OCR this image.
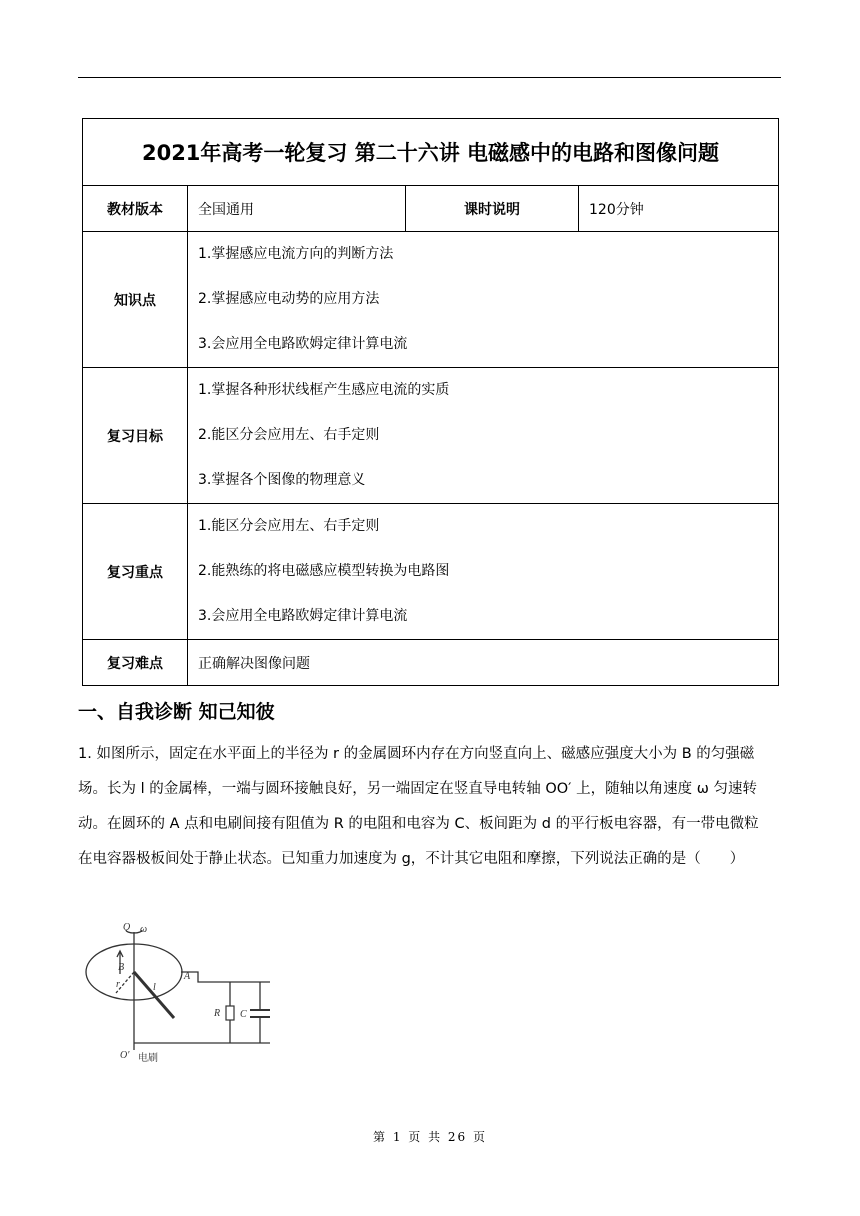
2021年高考一轮复习 第二十六讲 电磁感中的电路和图像问题			
教材版本	全国通用	课时说明	120分钟
知识点	1.掌握感应电流方向的判断方法
2.掌握感应电动势的应用方法
3.会应用全电路欧姆定律计算电流		

复习目标	1.掌握各种形状线框产生感应电流的实质
2.能区分会应用左、右手定则
3.掌握各个图像的物理意义		

复习重点	1.能区分会应用左、右手定则
2.能熟练的将电磁感应模型转换为电路图
3.会应用全电路欧姆定律计算电流		

复习难点	正确解决图像问题		
一、自我诊断 知己知彼

1. 如图所示，固定在水平面上的半径为 r 的金属圆环内存在方向竖直向上、磁感应强度大小为 B 的匀强磁

场。长为 l 的金属棒，一端与圆环接触良好，另一端固定在竖直导电转轴 OO′ 上，随轴以角速度 ω 匀速转

动。在圆环的 A 点和电刷间接有阻值为 R 的电阻和电容为 C、板间距为 d 的平行板电容器，有一带电微粒

在电容器极板间处于静止状态。已知重力加速度为 g，不计其它电阻和摩擦，下列说法正确的是（　　）

O ω
B
A
r	l
R C
O′ 电刷
第 1 页 共 26 页
